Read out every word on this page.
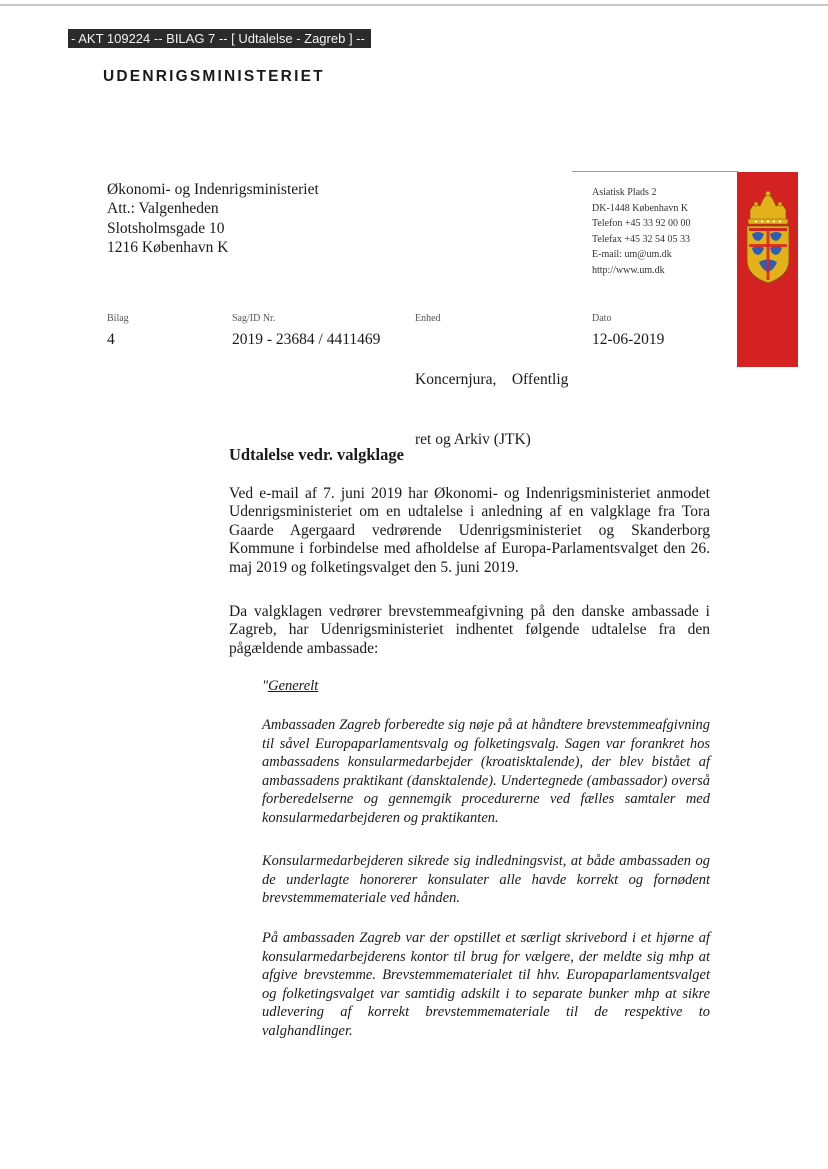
- AKT 109224 -- BILAG 7 -- [ Udtalelse - Zagreb ] --
UDENRIGSMINISTERIET
Økonomi- og Indenrigsministeriet
Att.: Valgenheden
Slotsholmsgade 10
1216 København K
Asiatisk Plads 2
DK-1448 København K
Telefon +45 33 92 00 00
Telefax +45 32 54 05 33
E-mail: um@um.dk
http://www.um.dk
Bilag
4
Sag/ID Nr.
2019 - 23684 / 4411469
Enhed

Koncernjura,    Offentlig

ret og Arkiv (JTK)

Dato
12-06-2019
Udtalelse vedr. valgklage
Ved e-mail af 7. juni 2019 har Økonomi- og Indenrigsministeriet anmodet Udenrigsministeriet om en udtalelse i anledning af en valgklage fra Tora Gaarde Agergaard vedrørende Udenrigsministeriet og Skanderborg Kommune i forbindelse med afholdelse af Europa-Parlamentsvalget den 26. maj 2019 og folketingsvalget den 5. juni 2019.
Da valgklagen vedrører brevstemmeafgivning på den danske ambassade i Zagreb, har Udenrigsministeriet indhentet følgende udtalelse fra den pågældende ambassade:
"Generelt
Ambassaden Zagreb forberedte sig nøje på at håndtere brevstemmeafgivning til såvel Europaparlamentsvalg og folketingsvalg. Sagen var forankret hos ambassadens konsularmedarbejder (kroatisktalende), der blev bistået af ambassadens praktikant (dansktalende). Undertegnede (ambassador) overså forberedelserne og gennemgik procedurerne ved fælles samtaler med konsularmedarbejderen og praktikanten.
Konsularmedarbejderen sikrede sig indledningsvist, at både ambassaden og de underlagte honorerer konsulater alle havde korrekt og fornødent brevstemmemateriale ved hånden.
På ambassaden Zagreb var der opstillet et særligt skrivebord i et hjørne af konsularmedarbejderens kontor til brug for vælgere, der meldte sig mhp at afgive brevstemme. Brevstemmematerialet til hhv. Europaparlamentsvalget og folketingsvalget var samtidig adskilt i to separate bunker mhp at sikre udlevering af korrekt brevstemmemateriale til de respektive to valghandlinger.
